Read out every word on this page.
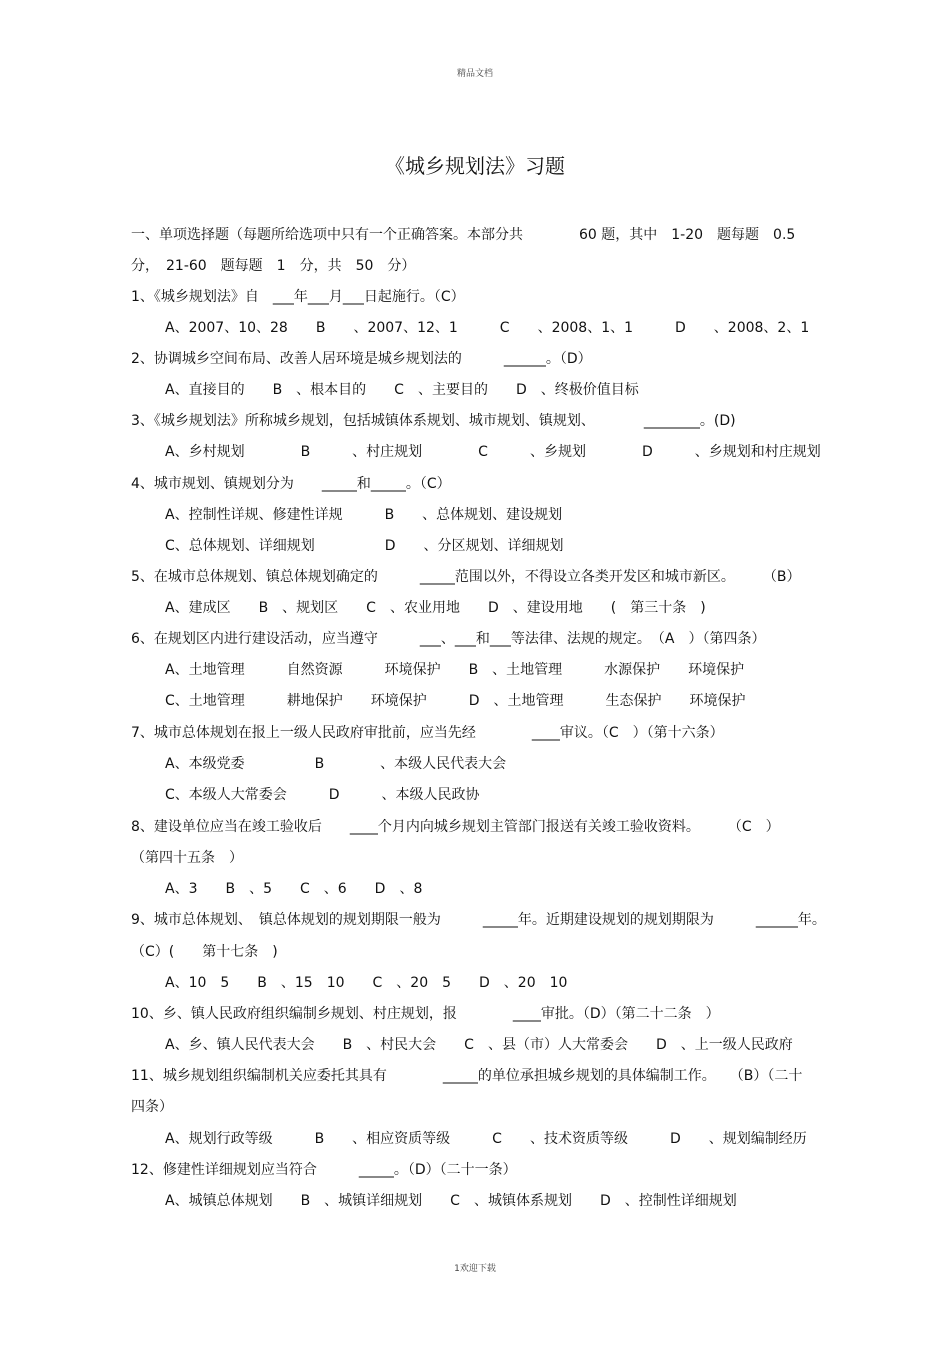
精品文档
《城乡规划法》习题
一、单项选择题（每题所给选项中只有一个正确答案。本部分共　　　　60 题，其中　1-20　题每题　0.5
分，　21-60　题每题　1　分，共　50　分）
1、《城乡规划法》自　___年___月___日起施行。（C）
A、2007、10、28　　B　　、2007、12、1　　　C　　、2008、1、1　　　D　　、2008、2、1
2、协调城乡空间布局、改善人居环境是城乡规划法的　　　______。（D）
A、直接目的　　B　、根本目的　　C　、主要目的　　D　、终极价值目标
3、《城乡规划法》所称城乡规划，包括城镇体系规划、城市规划、镇规划、　　　　________。(D)
A、乡村规划　　　　B　　　、村庄规划　　　　C　　　、乡规划　　　　D　　　、乡规划和村庄规划
4、城市规划、镇规划分为　　_____和_____。（C）
A、控制性详规、修建性详规　　　B　　、总体规划、建设规划
C、总体规划、详细规划　　　　　D　　、分区规划、详细规划
5、在城市总体规划、镇总体规划确定的　　　_____范围以外，不得设立各类开发区和城市新区。　　　（B）
A、建成区　　B　、规划区　　C　、农业用地　　D　、建设用地　　(　第三十条　)
6、在规划区内进行建设活动，应当遵守　　　___、___和___等法律、法规的规定。　（A　）（第四条）
A、土地管理　　　自然资源　　　环境保护　　B　、土地管理　　　水源保护　　环境保护
C、土地管理　　　耕地保护　　环境保护　　　D　、土地管理　　　生态保护　　环境保护
7、城市总体规划在报上一级人民政府审批前，应当先经　　　　____审议。（C　）（第十六条）
A、本级党委　　　　　B　　　　、本级人民代表大会
C、本级人大常委会　　　D　　　、本级人民政协
8、建设单位应当在竣工验收后　　____个月内向城乡规划主管部门报送有关竣工验收资料。　　　（C　）
（第四十五条　）
A、3　　B　、5　　C　、6　　D　、8
9、城市总体规划、　镇总体规划的规划期限一般为　　　_____年。近期建设规划的规划期限为　　　______年。
（C）(　　第十七条　)
A、10　5　　B　、15　10　　C　、20　5　　D　、20　10
10、乡、镇人民政府组织编制乡规划、村庄规划，报　　　　____审批。（D）（第二十二条　）
A、乡、镇人民代表大会　　B　、村民大会　　C　、县（市）人大常委会　　D　、上一级人民政府
11、城乡规划组织编制机关应委托其具有　　　　_____的单位承担城乡规划的具体编制工作。　　（B）（二十
四条）
A、规划行政等级　　　B　　、相应资质等级　　　C　　、技术资质等级　　　D　　、规划编制经历
12、修建性详细规划应当符合　　　_____。（D）（二十一条）
A、城镇总体规划　　B　、城镇详细规划　　C　、城镇体系规划　　D　、控制性详细规划
1欢迎下载
